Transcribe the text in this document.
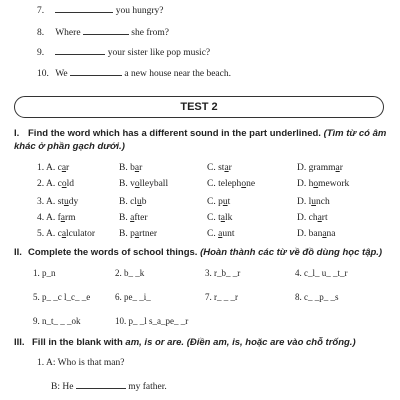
7.	you hungry?
8. Where	she from?
9.	your sister like pop music?
10. We	a new house near the beach.
TEST 2
I. Find the word which has a different sound in the part underlined. (Tìm từ có âm khác ở phần gạch dưới.)
1. A. car	B. bar	C. star	D. grammar
2. A. cold	B. volleyball	C. telephone	D. homework
3. A. study	B. club	C. put	D. lunch
4. A. farm	B. after	C. talk	D. chart
5. A. calculator	B. partner	C. aunt	D. banana
II. Complete the words of school things. (Hoàn thành các từ về đồ dùng học tập.)
1. p_n	2. b_ _k	3. r_b_ _r	4. c_l_ u_ _t_r
5. p_ _c l_c_ _e	6. pe_ _i_	7. r_ _ _r	8. c_ _p_ _s
9. n_t_ _ _ok	10. p_ _l s_a_pe_ _r
III. Fill in the blank with am, is or are. (Điền am, is, hoặc are vào chỗ trống.)
1. A: Who is that man?
B: He	my father.
